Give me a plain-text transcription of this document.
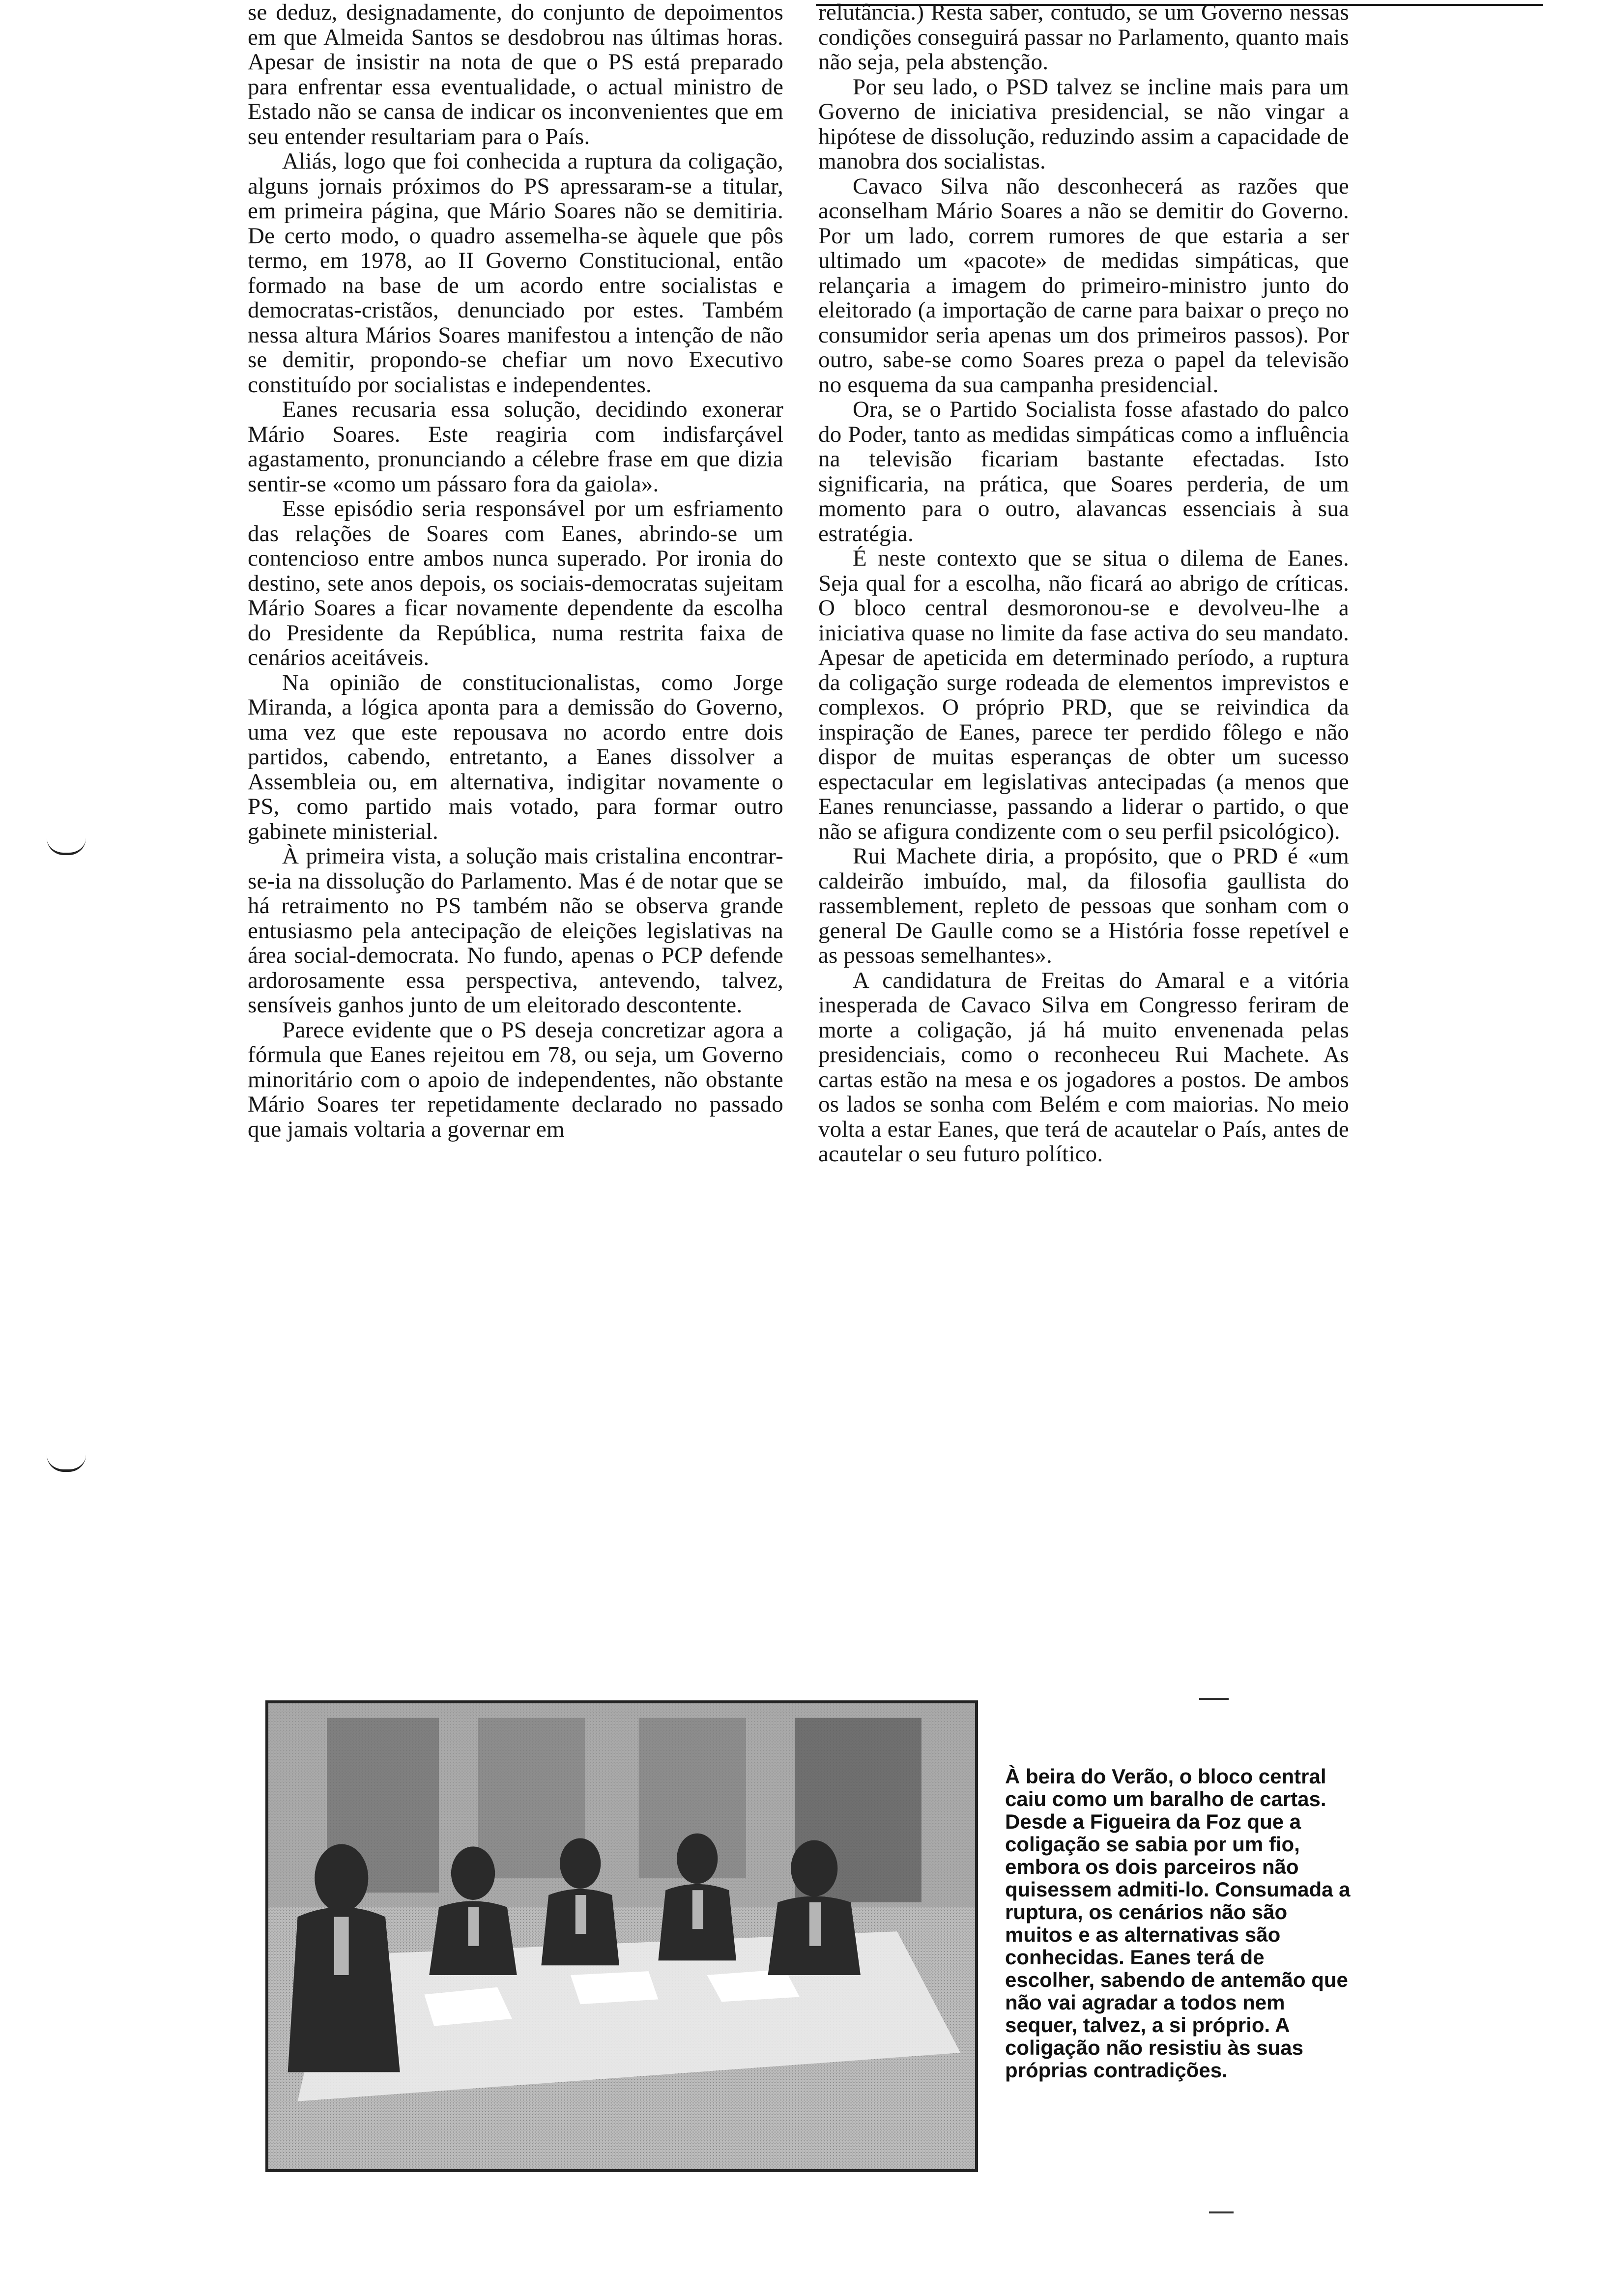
se deduz, designadamente, do conjunto de depoimentos em que Almeida Santos se desdobrou nas últimas horas. Apesar de insistir na nota de que o PS está preparado para enfrentar essa eventualidade, o actual ministro de Estado não se cansa de indicar os inconvenientes que em seu entender resultariam para o País.

Aliás, logo que foi conhecida a ruptura da coligação, alguns jornais próximos do PS apressaram-se a titular, em primeira página, que Mário Soares não se demitiria. De certo modo, o quadro assemelha-se àquele que pôs termo, em 1978, ao II Governo Constitucional, então formado na base de um acordo entre socialistas e democratas-cristãos, denunciado por estes. Também nessa altura Mários Soares manifestou a intenção de não se demitir, propondo-se chefiar um novo Executivo constituído por socialistas e independentes.

Eanes recusaria essa solução, decidindo exonerar Mário Soares. Este reagiria com indisfarçável agastamento, pronunciando a célebre frase em que dizia sentir-se «como um pássaro fora da gaiola».

Esse episódio seria responsável por um esfriamento das relações de Soares com Eanes, abrindo-se um contencioso entre ambos nunca superado. Por ironia do destino, sete anos depois, os sociais-democratas sujeitam Mário Soares a ficar novamente dependente da escolha do Presidente da República, numa restrita faixa de cenários aceitáveis.

Na opinião de constitucionalistas, como Jorge Miranda, a lógica aponta para a demissão do Governo, uma vez que este repousava no acordo entre dois partidos, cabendo, entretanto, a Eanes dissolver a Assembleia ou, em alternativa, indigitar novamente o PS, como partido mais votado, para formar outro gabinete ministerial.

À primeira vista, a solução mais cristalina encontrar-se-ia na dissolução do Parlamento. Mas é de notar que se há retraimento no PS também não se observa grande entusiasmo pela antecipação de eleições legislativas na área social-democrata. No fundo, apenas o PCP defende ardorosamente essa perspectiva, antevendo, talvez, sensíveis ganhos junto de um eleitorado descontente.

Parece evidente que o PS deseja concretizar agora a fórmula que Eanes rejeitou em 78, ou seja, um Governo minoritário com o apoio de independentes, não obstante Mário Soares ter repetidamente declarado no passado que jamais voltaria a governar em

relutância.) Resta saber, contudo, se um Governo nessas condições conseguirá passar no Parlamento, quanto mais não seja, pela abstenção.

Por seu lado, o PSD talvez se incline mais para um Governo de iniciativa presidencial, se não vingar a hipótese de dissolução, reduzindo assim a capacidade de manobra dos socialistas.

Cavaco Silva não desconhecerá as razões que aconselham Mário Soares a não se demitir do Governo. Por um lado, correm rumores de que estaria a ser ultimado um «pacote» de medidas simpáticas, que relançaria a imagem do primeiro-ministro junto do eleitorado (a importação de carne para baixar o preço no consumidor seria apenas um dos primeiros passos). Por outro, sabe-se como Soares preza o papel da televisão no esquema da sua campanha presidencial.

Ora, se o Partido Socialista fosse afastado do palco do Poder, tanto as medidas simpáticas como a influência na televisão ficariam bastante efectadas. Isto significaria, na prática, que Soares perderia, de um momento para o outro, alavancas essenciais à sua estratégia.

É neste contexto que se situa o dilema de Eanes. Seja qual for a escolha, não ficará ao abrigo de críticas. O bloco central desmoronou-se e devolveu-lhe a iniciativa quase no limite da fase activa do seu mandato. Apesar de apeticida em determinado período, a ruptura da coligação surge rodeada de elementos imprevistos e complexos. O próprio PRD, que se reivindica da inspiração de Eanes, parece ter perdido fôlego e não dispor de muitas esperanças de obter um sucesso espectacular em legislativas antecipadas (a menos que Eanes renunciasse, passando a liderar o partido, o que não se afigura condizente com o seu perfil psicológico).

Rui Machete diria, a propósito, que o PRD é «um caldeirão imbuído, mal, da filosofia gaullista do rassemblement, repleto de pessoas que sonham com o general De Gaulle como se a História fosse repetível e as pessoas semelhantes».

A candidatura de Freitas do Amaral e a vitória inesperada de Cavaco Silva em Congresso feriram de morte a coligação, já há muito envenenada pelas presidenciais, como o reconheceu Rui Machete. As cartas estão na mesa e os jogadores a postos. De ambos os lados se sonha com Belém e com maiorias. No meio volta a estar Eanes, que terá de acautelar o País, antes de acautelar o seu futuro político.

À beira do Verão, o bloco central caiu como um baralho de cartas. Desde a Figueira da Foz que a coligação se sabia por um fio, embora os dois parceiros não quisessem admiti-lo. Consumada a ruptura, os cenários não são muitos e as alternativas são conhecidas. Eanes terá de escolher, sabendo de antemão que não vai agradar a todos nem sequer, talvez, a si próprio. A coligação não resistiu às suas próprias contradições.
